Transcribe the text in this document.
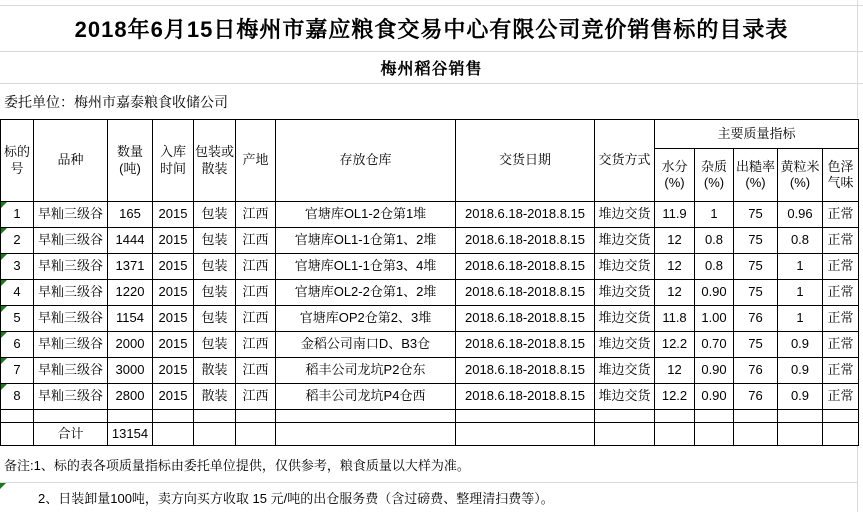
2018年6月15日梅州市嘉应粮食交易中心有限公司竞价销售标的目录表
梅州稻谷销售
委托单位：梅州市嘉泰粮食收储公司
标的号	品种	数量(吨)	入库时间	包装或散装	产地	存放仓库	交货日期	交货方式	主要质量指标				
									水分(%)	杂质(%)	出糙率(%)	黄粒米(%)	色泽气味

1	早籼三级谷	165	2015	包装	江西	官塘库OL1-2仓第1堆	2018.6.18-2018.8.15	堆边交货	11.9	1	75	0.96	正常

2	早籼三级谷	1444	2015	包装	江西	官塘库OL1-1仓第1、2堆	2018.6.18-2018.8.15	堆边交货	12	0.8	75	0.8	正常

3	早籼三级谷	1371	2015	包装	江西	官塘库OL1-1仓第3、4堆	2018.6.18-2018.8.15	堆边交货	12	0.8	75	1	正常

4	早籼三级谷	1220	2015	包装	江西	官塘库OL2-2仓第1、2堆	2018.6.18-2018.8.15	堆边交货	12	0.90	75	1	正常

5	早籼三级谷	1154	2015	包装	江西	官塘库OP2仓第2、3堆	2018.6.18-2018.8.15	堆边交货	11.8	1.00	76	1	正常

6	早籼三级谷	2000	2015	包装	江西	金稻公司南口D、B3仓	2018.6.18-2018.8.15	堆边交货	12.2	0.70	75	0.9	正常

7	早籼三级谷	3000	2015	散装	江西	稻丰公司龙坑P2仓东	2018.6.18-2018.8.15	堆边交货	12	0.90	76	0.9	正常

8	早籼三级谷	2800	2015	散装	江西	稻丰公司龙坑P4仓西	2018.6.18-2018.8.15	堆边交货	12.2	0.90	76	0.9	正常

	合计	13154											
备注:1、标的表各项质量指标由委托单位提供，仅供参考，粮食质量以大样为准。
2、日装卸量100吨，卖方向买方收取 15 元/吨的出仓服务费（含过磅费、整理清扫费等）。
